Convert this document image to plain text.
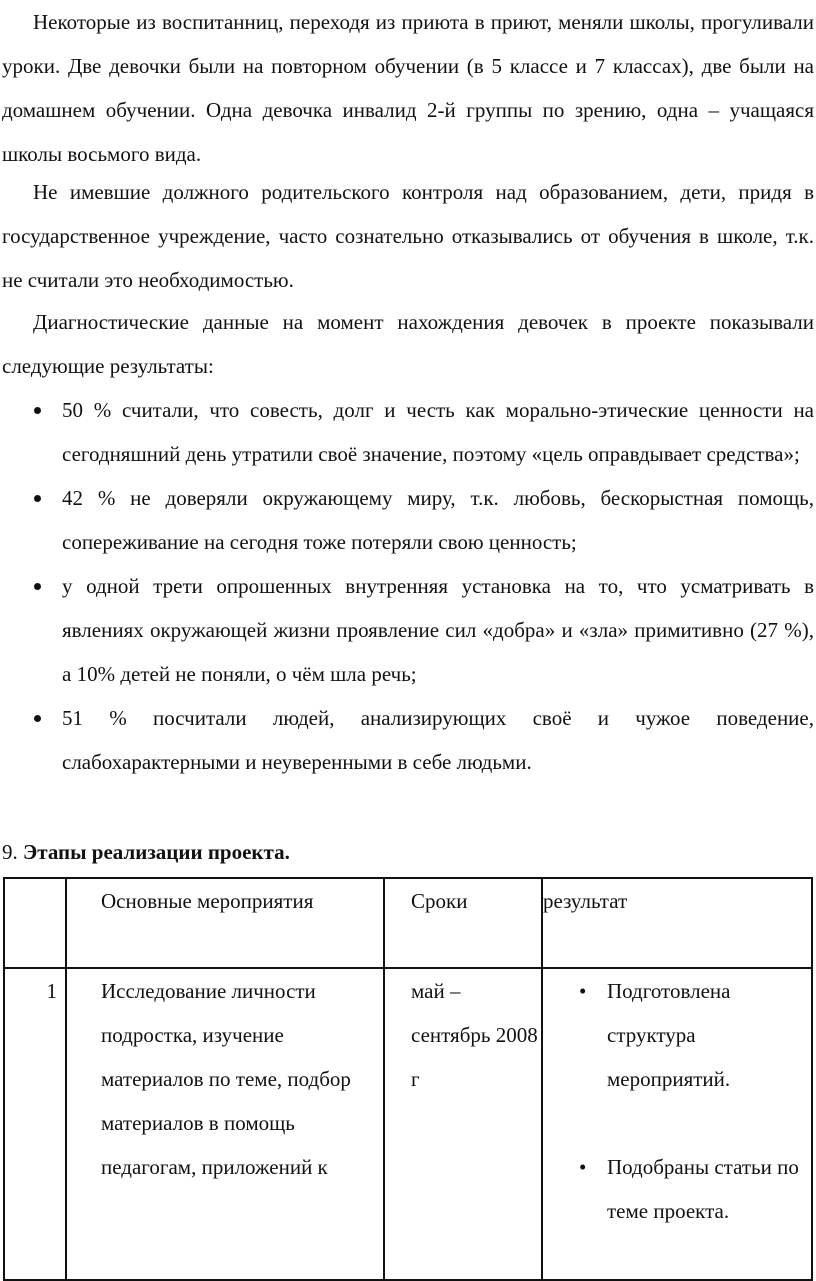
Некоторые из воспитанниц, переходя из приюта в приют, меняли школы, прогуливали уроки. Две девочки были на повторном обучении (в 5 классе и 7 классах), две были на домашнем обучении. Одна девочка инвалид 2-й группы по зрению, одна – учащаяся школы восьмого вида.

Не имевшие должного родительского контроля над образованием, дети, придя в государственное учреждение, часто сознательно отказывались от обучения в школе, т.к. не считали это необходимостью.

Диагностические данные на момент нахождения девочек в проекте показывали следующие результаты:

50 % считали, что совесть, долг и честь как морально-этические ценности на сегодняшний день утратили своё значение, поэтому «цель оправдывает средства»;
42 % не доверяли окружающему миру, т.к. любовь, бескорыстная помощь, сопереживание на сегодня тоже потеряли свою ценность;
у одной трети опрошенных внутренняя установка на то, что усматривать в явлениях окружающей жизни проявление сил «добра» и «зла» примитивно (27 %), а 10% детей не поняли, о чём шла речь;
51 % посчитали людей, анализирующих своё и чужое поведение, слабохарактерными и неуверенными в себе людьми.

9. Этапы реализации проекта.

	Основные мероприятия	Сроки	результат
1	Исследование личности подростка, изучение материалов по теме, подбор материалов в помощь педагогам, приложений к	май – сентябрь 2008 г	• Подготовлена структура мероприятий.
• Подобраны статьи по теме проекта.
